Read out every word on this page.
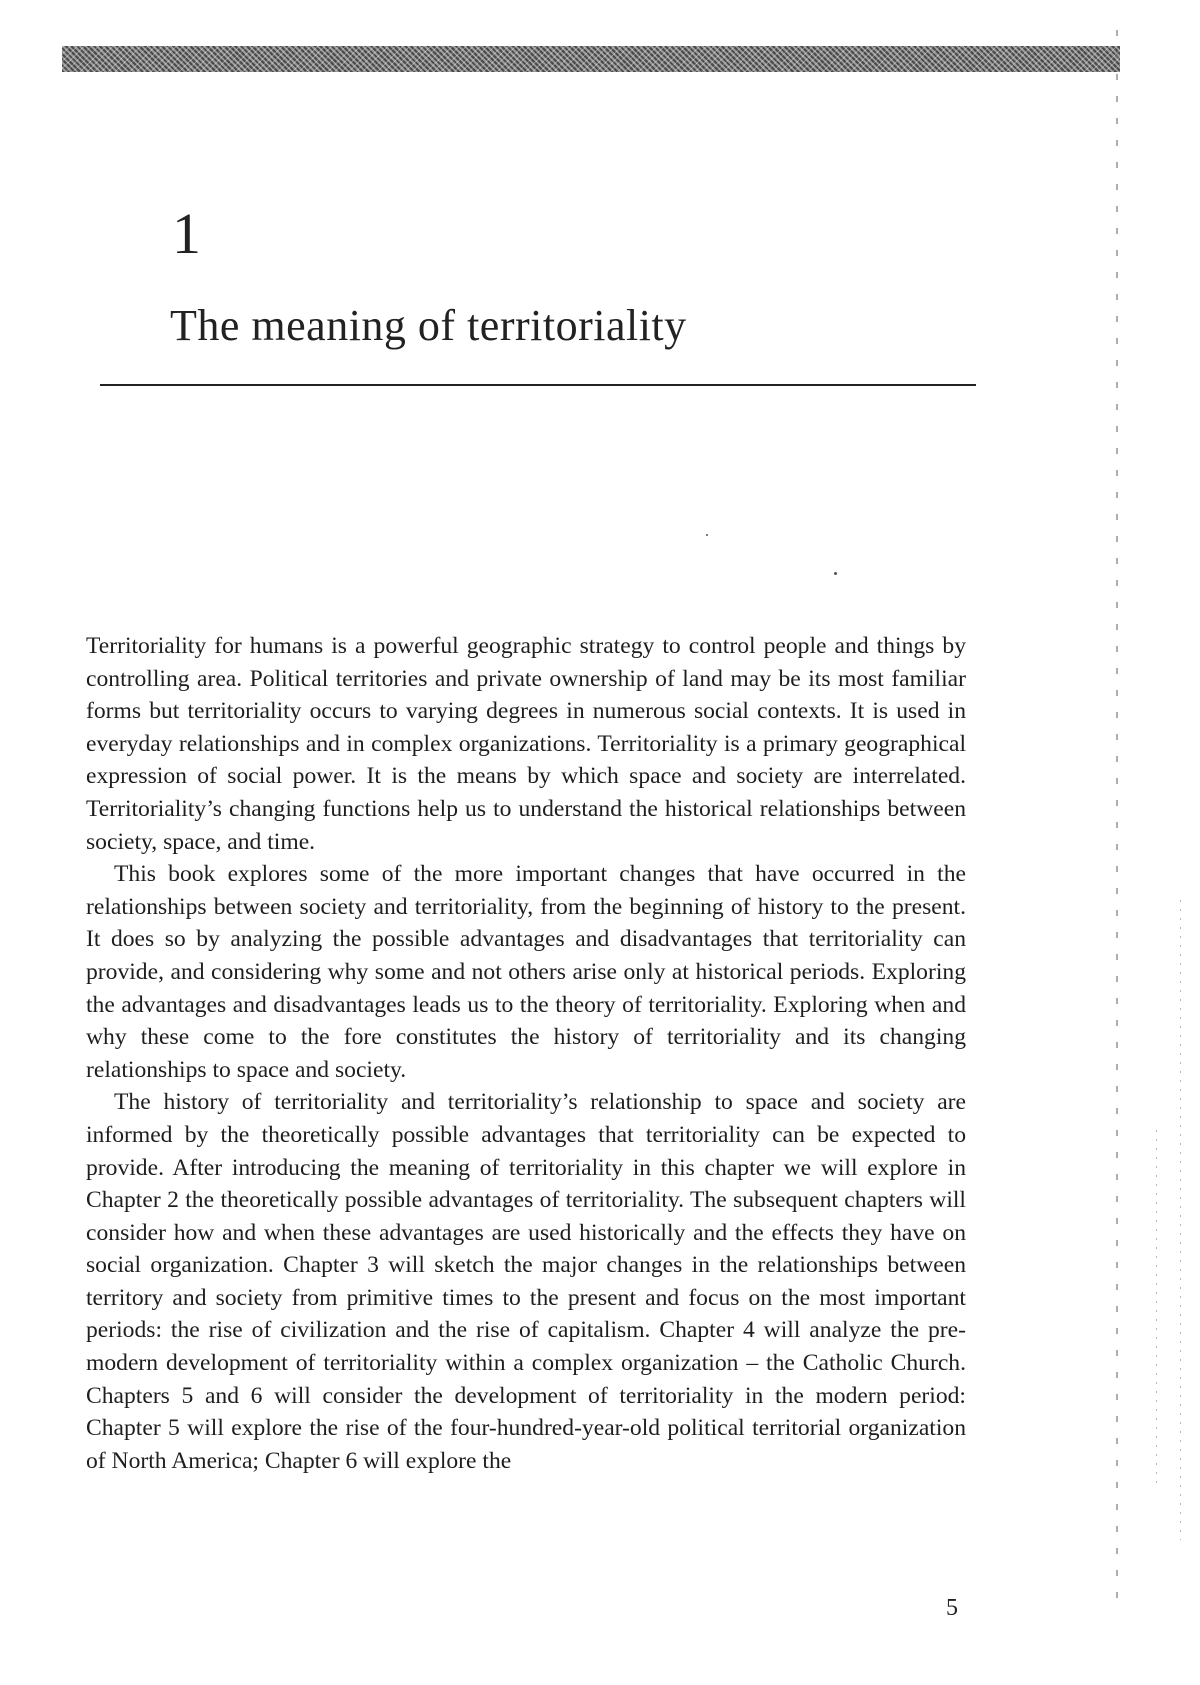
1
The meaning of territoriality

Territoriality for humans is a powerful geographic strategy to control people and things by controlling area. Political territories and private ownership of land may be its most familiar forms but territoriality occurs to varying degrees in numerous social contexts. It is used in everyday relationships and in complex organizations. Territoriality is a primary geographical expression of social power. It is the means by which space and society are interrelated. Territoriality’s changing functions help us to understand the historical relationships between society, space, and time.

This book explores some of the more important changes that have occurred in the relationships between society and territoriality, from the beginning of history to the present. It does so by analyzing the possible advantages and disadvantages that territoriality can provide, and considering why some and not others arise only at historical periods. Exploring the advantages and disadvantages leads us to the theory of territoriality. Exploring when and why these come to the fore constitutes the history of territoriality and its changing relationships to space and society.

The history of territoriality and territoriality’s relationship to space and society are informed by the theoretically possible advantages that territoriality can be expected to provide. After introducing the meaning of territoriality in this chapter we will explore in Chapter 2 the theoretically possible advantages of territoriality. The subsequent chapters will consider how and when these advantages are used historically and the effects they have on social organization. Chapter 3 will sketch the major changes in the relationships between territory and society from primitive times to the present and focus on the most important periods: the rise of civilization and the rise of capitalism. Chapter 4 will analyze the pre-modern development of territoriality within a complex organization – the Catholic Church. Chapters 5 and 6 will consider the development of territoriality in the modern period: Chapter 5 will explore the rise of the four-hundred-year-old political territorial organization of North America; Chapter 6 will explore the

5
